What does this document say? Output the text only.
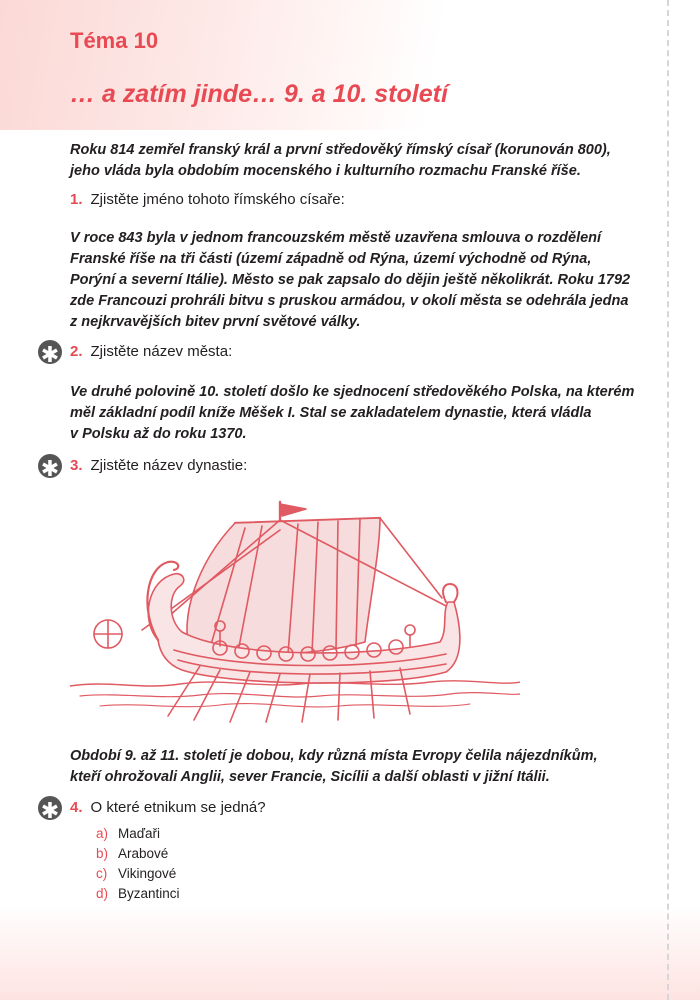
Téma 10
… a zatím jinde… 9. a 10. století
Roku 814 zemřel franský král a první středověký římský císař (korunován 800),
jeho vláda byla obdobím mocenského i kulturního rozmachu Franské říše.
1. Zjistěte jméno tohoto římského císaře:
V roce 843 byla v jednom francouzském městě uzavřena smlouva o rozdělení
Franské říše na tři části (území západně od Rýna, území východně od Rýna,
Porýní a severní Itálie). Město se pak zapsalo do dějin ještě několikrát. Roku 1792
zde Francouzi prohráli bitvu s pruskou armádou, v okolí města se odehrála jedna
z nejkrvavějších bitev první světové války.
✱ 2. Zjistěte název města:
Ve druhé polovině 10. století došlo ke sjednocení středověkého Polska, na kterém
měl základní podíl kníže Měšek I. Stal se zakladatelem dynastie, která vládla
v Polsku až do roku 1370.
✱ 3. Zjistěte název dynastie:
Období 9. až 11. století je dobou, kdy různá místa Evropy čelila nájezdníkům,
kteří ohrožovali Anglii, sever Francie, Sicílii a další oblasti v jižní Itálii.
✱ 4. O které etnikum se jedná?
a) Maďaři
b) Arabové
c) Vikingové
d) Byzantinci
